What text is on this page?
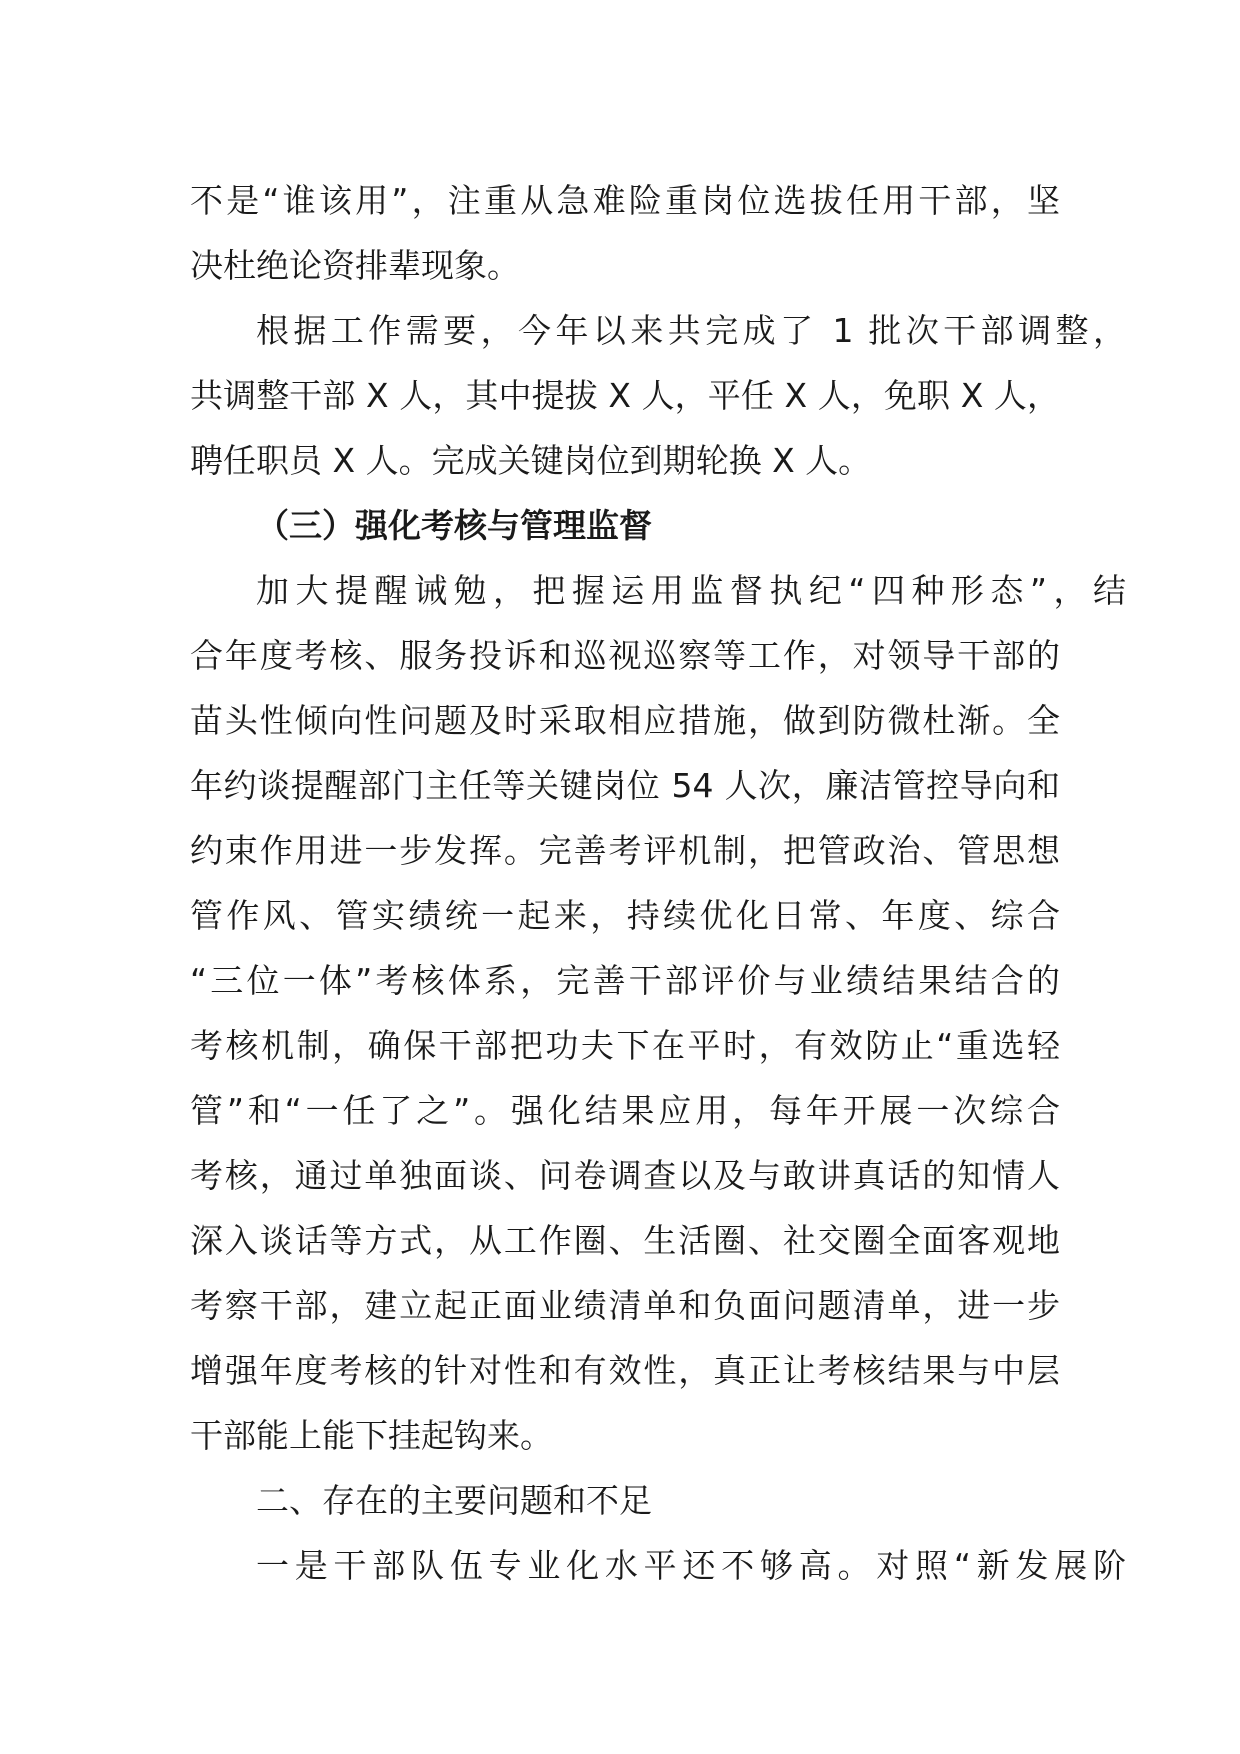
不是“谁该用”，注重从急难险重岗位选拔任用干部，坚
决杜绝论资排辈现象。
根据工作需要，今年以来共完成了 1 批次干部调整，
共调整干部 X 人，其中提拔 X 人，平任 X 人，免职 X 人，
聘任职员 X 人。完成关键岗位到期轮换 X 人。
（三）强化考核与管理监督
加大提醒诫勉，把握运用监督执纪“四种形态”，结
合年度考核、服务投诉和巡视巡察等工作，对领导干部的
苗头性倾向性问题及时采取相应措施，做到防微杜渐。全
年约谈提醒部门主任等关键岗位 54 人次，廉洁管控导向和
约束作用进一步发挥。完善考评机制，把管政治、管思想
管作风、管实绩统一起来，持续优化日常、年度、综合
“三位一体”考核体系，完善干部评价与业绩结果结合的
考核机制，确保干部把功夫下在平时，有效防止“重选轻
管”和“一任了之”。强化结果应用，每年开展一次综合
考核，通过单独面谈、问卷调查以及与敢讲真话的知情人
深入谈话等方式，从工作圈、生活圈、社交圈全面客观地
考察干部，建立起正面业绩清单和负面问题清单，进一步
增强年度考核的针对性和有效性，真正让考核结果与中层
干部能上能下挂起钩来。
二、存在的主要问题和不足
一是干部队伍专业化水平还不够高。对照“新发展阶
